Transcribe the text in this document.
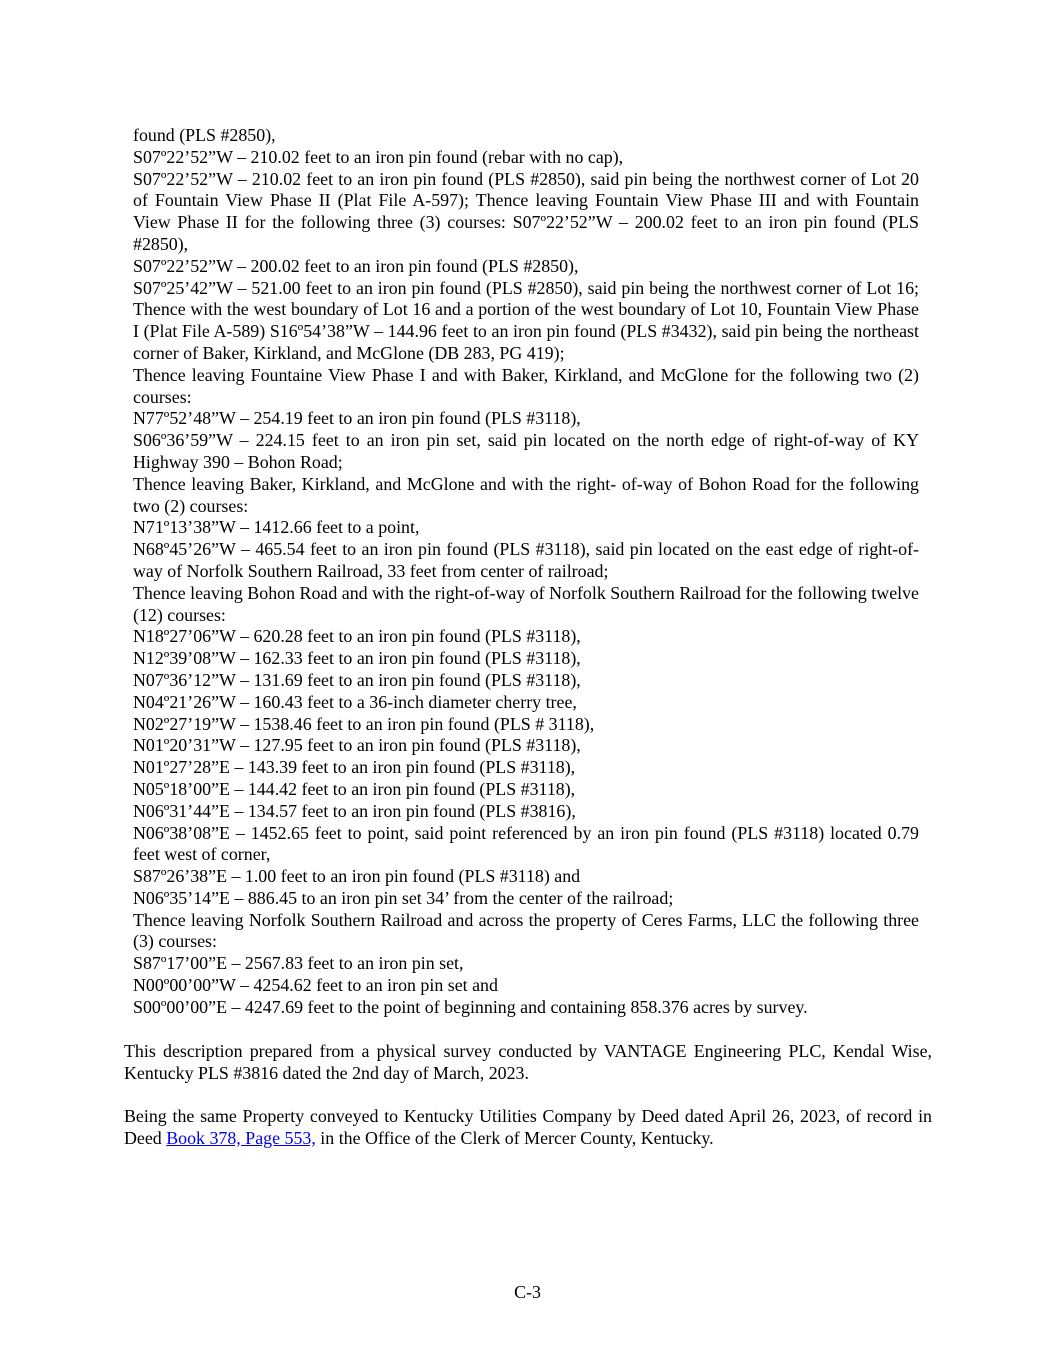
found (PLS #2850),
S07º22’52”W – 210.02 feet to an iron pin found (rebar with no cap),
S07º22’52”W – 210.02 feet to an iron pin found (PLS #2850), said pin being the northwest corner of Lot 20 of Fountain View Phase II (Plat File A-597); Thence leaving Fountain View Phase III and with Fountain View Phase II for the following three (3) courses: S07º22’52”W – 200.02 feet to an iron pin found (PLS #2850),
S07º22’52”W – 200.02 feet to an iron pin found (PLS #2850),
S07º25’42”W – 521.00 feet to an iron pin found (PLS #2850), said pin being the northwest corner of Lot 16; Thence with the west boundary of Lot 16 and a portion of the west boundary of Lot 10, Fountain View Phase I (Plat File A-589) S16º54’38”W – 144.96 feet to an iron pin found (PLS #3432), said pin being the northeast corner of Baker, Kirkland, and McGlone (DB 283, PG 419);
Thence leaving Fountaine View Phase I and with Baker, Kirkland, and McGlone for the following two (2) courses:
N77º52’48”W – 254.19 feet to an iron pin found (PLS #3118),
S06º36’59”W – 224.15 feet to an iron pin set, said pin located on the north edge of right-of-way of KY Highway 390 – Bohon Road;
Thence leaving Baker, Kirkland, and McGlone and with the right- of-way of Bohon Road for the following two (2) courses:
N71º13’38”W – 1412.66 feet to a point,
N68º45’26”W – 465.54 feet to an iron pin found (PLS #3118), said pin located on the east edge of right-of-way of Norfolk Southern Railroad, 33 feet from center of railroad;
Thence leaving Bohon Road and with the right-of-way of Norfolk Southern Railroad for the following twelve (12) courses:
N18º27’06”W – 620.28 feet to an iron pin found (PLS #3118),
N12º39’08”W – 162.33 feet to an iron pin found (PLS #3118),
N07º36’12”W – 131.69 feet to an iron pin found (PLS #3118),
N04º21’26”W – 160.43 feet to a 36-inch diameter cherry tree,
N02º27’19”W – 1538.46 feet to an iron pin found (PLS # 3118),
N01º20’31”W – 127.95 feet to an iron pin found (PLS #3118),
N01º27’28”E – 143.39 feet to an iron pin found (PLS #3118),
N05º18’00”E – 144.42 feet to an iron pin found (PLS #3118),
N06º31’44”E – 134.57 feet to an iron pin found (PLS #3816),
N06º38’08”E – 1452.65 feet to point, said point referenced by an iron pin found (PLS #3118) located 0.79 feet west of corner,
S87º26’38”E – 1.00 feet to an iron pin found (PLS #3118) and
N06º35’14”E – 886.45 to an iron pin set 34’ from the center of the railroad;
Thence leaving Norfolk Southern Railroad and across the property of Ceres Farms, LLC the following three (3) courses:
S87º17’00”E – 2567.83 feet to an iron pin set,
N00º00’00”W – 4254.62 feet to an iron pin set and
S00º00’00”E – 4247.69 feet to the point of beginning and containing 858.376 acres by survey.

This description prepared from a physical survey conducted by VANTAGE Engineering PLC, Kendal Wise, Kentucky PLS #3816 dated the 2nd day of March, 2023.

Being the same Property conveyed to Kentucky Utilities Company by Deed dated April 26, 2023, of record in Deed Book 378, Page 553, in the Office of the Clerk of Mercer County, Kentucky.

C-3
